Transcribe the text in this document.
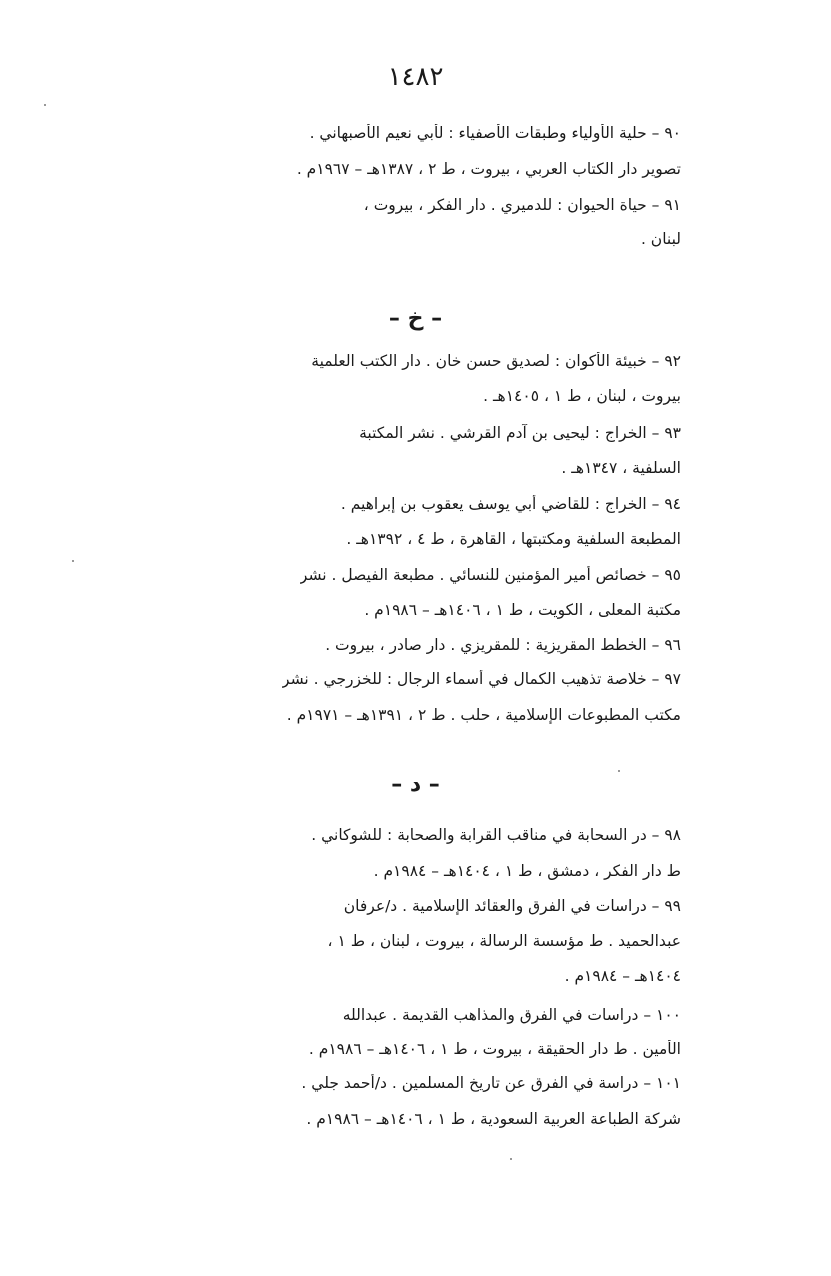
١٤٨٢
٩٠ – حلية الأولياء وطبقات الأصفياء : لأبي نعيم الأصبهاني .
تصوير دار الكتاب العربي ، بيروت ، ط ٢ ، ١٣٨٧هـ – ١٩٦٧م .
٩١ – حياة الحيوان : للدميري . دار الفكر ، بيروت ،
لبنان .
– خ –
٩٢ – خبيئة الأكوان : لصديق حسن خان . دار الكتب العلمية
بيروت ، لبنان ، ط ١ ، ١٤٠٥هـ .
٩٣ – الخراج : ليحيى بن آدم القرشي . نشر المكتبة
السلفية ، ١٣٤٧هـ .
٩٤ – الخراج : للقاضي أبي يوسف يعقوب بن إبراهيم .
المطبعة السلفية ومكتبتها ، القاهرة ، ط ٤ ، ١٣٩٢هـ .
٩٥ – خصائص أمير المؤمنين للنسائي . مطبعة الفيصل . نشر
مكتبة المعلى ، الكويت ، ط ١ ، ١٤٠٦هـ – ١٩٨٦م .
٩٦ – الخطط المقريزية : للمقريزي . دار صادر ، بيروت .
٩٧ – خلاصة تذهيب الكمال في أسماء الرجال : للخزرجي . نشر
مكتب المطبوعات الإسلامية ، حلب . ط ٢ ، ١٣٩١هـ – ١٩٧١م .
– د –
٩٨ – در السحابة في مناقب القرابة والصحابة : للشوكاني .
ط دار الفكر ، دمشق ، ط ١ ، ١٤٠٤هـ – ١٩٨٤م .
٩٩ – دراسات في الفرق والعقائد الإسلامية . د/عرفان
عبدالحميد . ط مؤسسة الرسالة ، بيروت ، لبنان ، ط ١ ،
١٤٠٤هـ – ١٩٨٤م .
١٠٠ – دراسات في الفرق والمذاهب القديمة . عبدالله
الأمين . ط دار الحقيقة ، بيروت ، ط ١ ، ١٤٠٦هـ – ١٩٨٦م .
١٠١ – دراسة في الفرق عن تاريخ المسلمين . د/أحمد جلي .
شركة الطباعة العربية السعودية ، ط ١ ، ١٤٠٦هـ – ١٩٨٦م .
